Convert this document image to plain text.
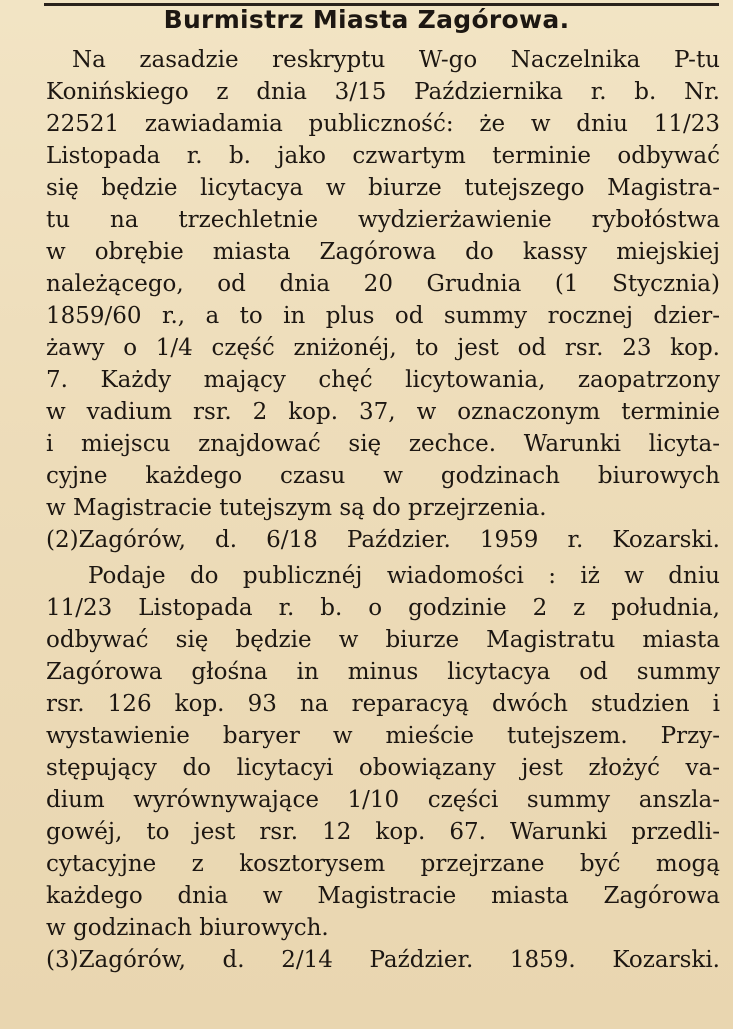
Burmistrz Miasta Zagórowa.
Na zasadzie reskryptu W-go Naczelnika P-tu
Konińskiego z dnia 3/15 Października r. b. Nr.
22521 zawiadamia publiczność: że w dniu 11/23
Listopada r. b. jako czwartym terminie odbywać
się będzie licytacya w biurze tutejszego Magistra-
tu na trzechletnie wydzierżawienie rybołóstwa
w obrębie miasta Zagórowa do kassy miejskiej
należącego, od dnia 20 Grudnia (1 Stycznia)
1859/60 r., a to in plus od summy rocznej dzier-
żawy o 1/4 część zniżonéj, to jest od rsr. 23 kop.
7. Każdy mający chęć licytowania, zaopatrzony
w vadium rsr. 2 kop. 37, w oznaczonym terminie
i miejscu znajdować się zechce. Warunki licyta-
cyjne każdego czasu w godzinach biurowych
w Magistracie tutejszym są do przejrzenia.
(2)Zagórów, d. 6/18 Paździer. 1959 r. Kozarski.
Podaje do publicznéj wiadomości : iż w dniu
11/23 Listopada r. b. o godzinie 2 z południa,
odbywać się będzie w biurze Magistratu miasta
Zagórowa głośna in minus licytacya od summy
rsr. 126 kop. 93 na reparacyą dwóch studzien i
wystawienie baryer w mieście tutejszem. Przy-
stępujący do licytacyi obowiązany jest złożyć va-
dium wyrównywające 1/10 części summy anszla-
gowéj, to jest rsr. 12 kop. 67. Warunki przedli-
cytacyjne z kosztorysem przejrzane być mogą
każdego dnia w Magistracie miasta Zagórowa
w godzinach biurowych.
(3)Zagórów, d. 2/14 Paździer. 1859. Kozarski.
